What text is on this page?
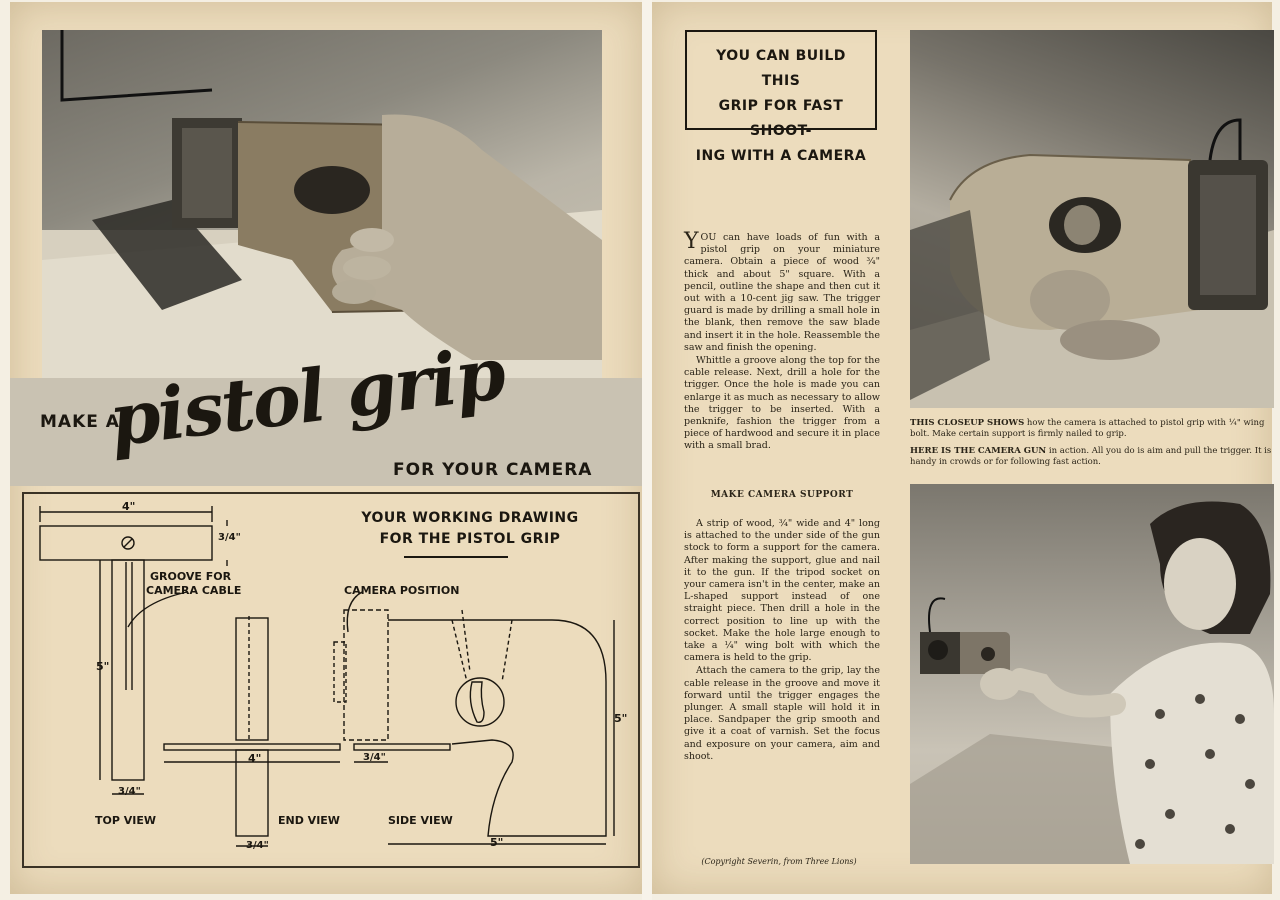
MAKE A
pistol grip
FOR YOUR CAMERA
YOUR WORKING DRAWING
FOR THE PISTOL GRIP
4"
3/4"
GROOVE FOR
CAMERA CABLE
5"
3/4"
TOP VIEW
CAMERA POSITION
4"	3/4"
END VIEW
3/4"
SIDE VIEW
5"
5"
YOU CAN BUILD THIS
GRIP FOR FAST SHOOT-
ING WITH A CAMERA

YOU can have loads of fun with a pistol grip on your miniature camera. Obtain a piece of wood ¾" thick and about 5" square. With a pencil, outline the shape and then cut it out with a 10-cent jig saw. The trigger guard is made by drilling a small hole in the blank, then remove the saw blade and insert it in the hole. Reassemble the saw and finish the opening.

Whittle a groove along the top for the cable release. Next, drill a hole for the trigger. Once the hole is made you can enlarge it as much as necessary to allow the trigger to be inserted. With a penknife, fashion the trigger from a piece of hardwood and secure it in place with a small brad.

MAKE CAMERA SUPPORT

A strip of wood, ¾" wide and 4" long is attached to the under side of the gun stock to form a support for the camera. After making the support, glue and nail it to the gun. If the tripod socket on your camera isn't in the center, make an L-shaped support instead of one straight piece. Then drill a hole in the correct position to line up with the socket. Make the hole large enough to take a ¼" wing bolt with which the camera is held to the grip.

Attach the camera to the grip, lay the cable release in the groove and move it forward until the trigger engages the plunger. A small staple will hold it in place. Sandpaper the grip smooth and give it a coat of varnish. Set the focus and exposure on your camera, aim and shoot.

(Copyright Severin, from Three Lions)
THIS CLOSEUP SHOWS how the camera is attached to pistol grip with ¼" wing bolt. Make certain support is firmly nailed to grip.
HERE IS THE CAMERA GUN in action. All you do is aim and pull the trigger. It is handy in crowds or for following fast action.
